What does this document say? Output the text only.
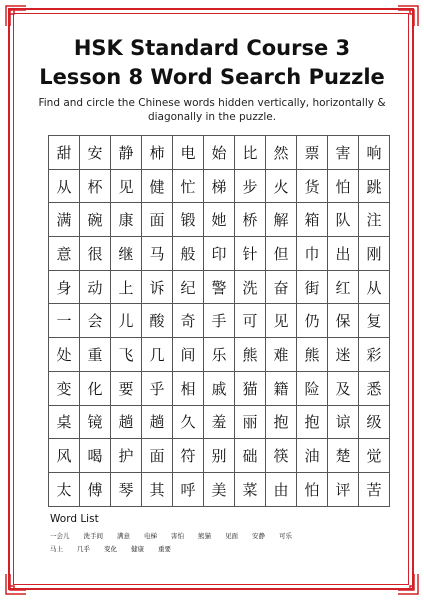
HSK Standard Course 3
Lesson 8 Word Search Puzzle
Find and circle the Chinese words hidden vertically, horizontally &
diagonally in the puzzle.
甜	安	静	柿	电	始	比	然	票	害	响
从	杯	见	健	忙	梯	步	火	货	怕	跳
满	碗	康	面	锻	她	桥	解	箱	队	注
意	很	继	马	般	印	针	但	巾	出	刚
身	动	上	诉	纪	警	洗	奋	街	红	从
一	会	儿	酸	奇	手	可	见	仍	保	复
处	重	飞	几	间	乐	熊	难	熊	迷	彩
变	化	要	乎	相	戚	猫	籍	险	及	悉
桌	镜	趟	趟	久	羞	丽	抱	抱	谅	级
风	喝	护	面	符	别	础	筷	油	楚	觉
太	傅	琴	其	呼	美	菜	由	怕	评	苦
Word List
一会儿 洗手间 满意 电梯 害怕 熊猫 见面 安静 可乐
马上 几乎 变化 健康 重要
